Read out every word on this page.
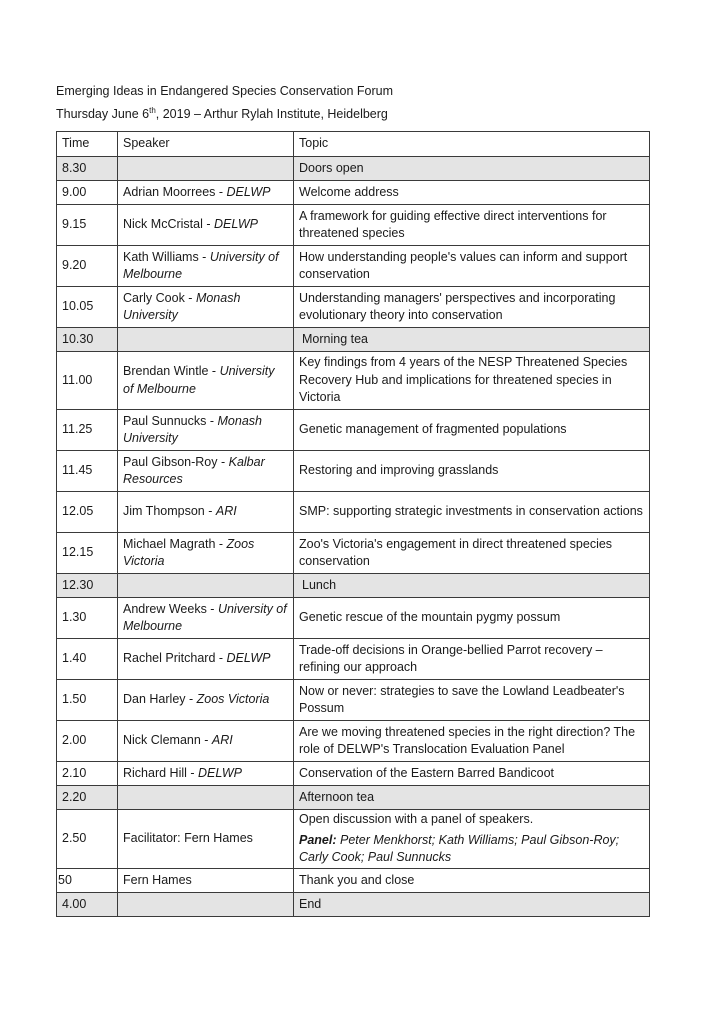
Emerging Ideas in Endangered Species Conservation Forum
Thursday June 6th, 2019 – Arthur Rylah Institute, Heidelberg
Time	Speaker	Topic
8.30		Doors open
9.00	Adrian Moorrees - DELWP	Welcome address
9.15	Nick McCristal - DELWP	A framework for guiding effective direct interventions for threatened species
9.20	Kath Williams - University of Melbourne	How understanding people's values can inform and support conservation
10.05	Carly Cook - Monash University	Understanding managers' perspectives and incorporating evolutionary theory into conservation
10.30		Morning tea
11.00	Brendan Wintle - University of Melbourne	Key findings from 4 years of the NESP Threatened Species Recovery Hub and implications for threatened species in Victoria
11.25	Paul Sunnucks - Monash University	Genetic management of fragmented populations
11.45	Paul Gibson-Roy - Kalbar Resources	Restoring and improving grasslands
12.05	Jim Thompson - ARI	SMP: supporting strategic investments in conservation actions
12.15	Michael Magrath - Zoos Victoria	Zoo's Victoria's engagement in direct threatened species conservation
12.30		Lunch
1.30	Andrew Weeks - University of Melbourne	Genetic rescue of the mountain pygmy possum
1.40	Rachel Pritchard - DELWP	Trade-off decisions in Orange-bellied Parrot recovery – refining our approach
1.50	Dan Harley - Zoos Victoria	Now or never: strategies to save the Lowland Leadbeater's Possum
2.00	Nick Clemann - ARI	Are we moving threatened species in the right direction? The role of DELWP's Translocation Evaluation Panel
2.10	Richard Hill - DELWP	Conservation of the Eastern Barred Bandicoot
2.20		Afternoon tea
2.50	Facilitator: Fern Hames	Open discussion with a panel of speakers.
Panel: Peter Menkhorst; Kath Williams; Paul Gibson-Roy; Carly Cook; Paul Sunnucks

50	Fern Hames	Thank you and close
4.00		End
